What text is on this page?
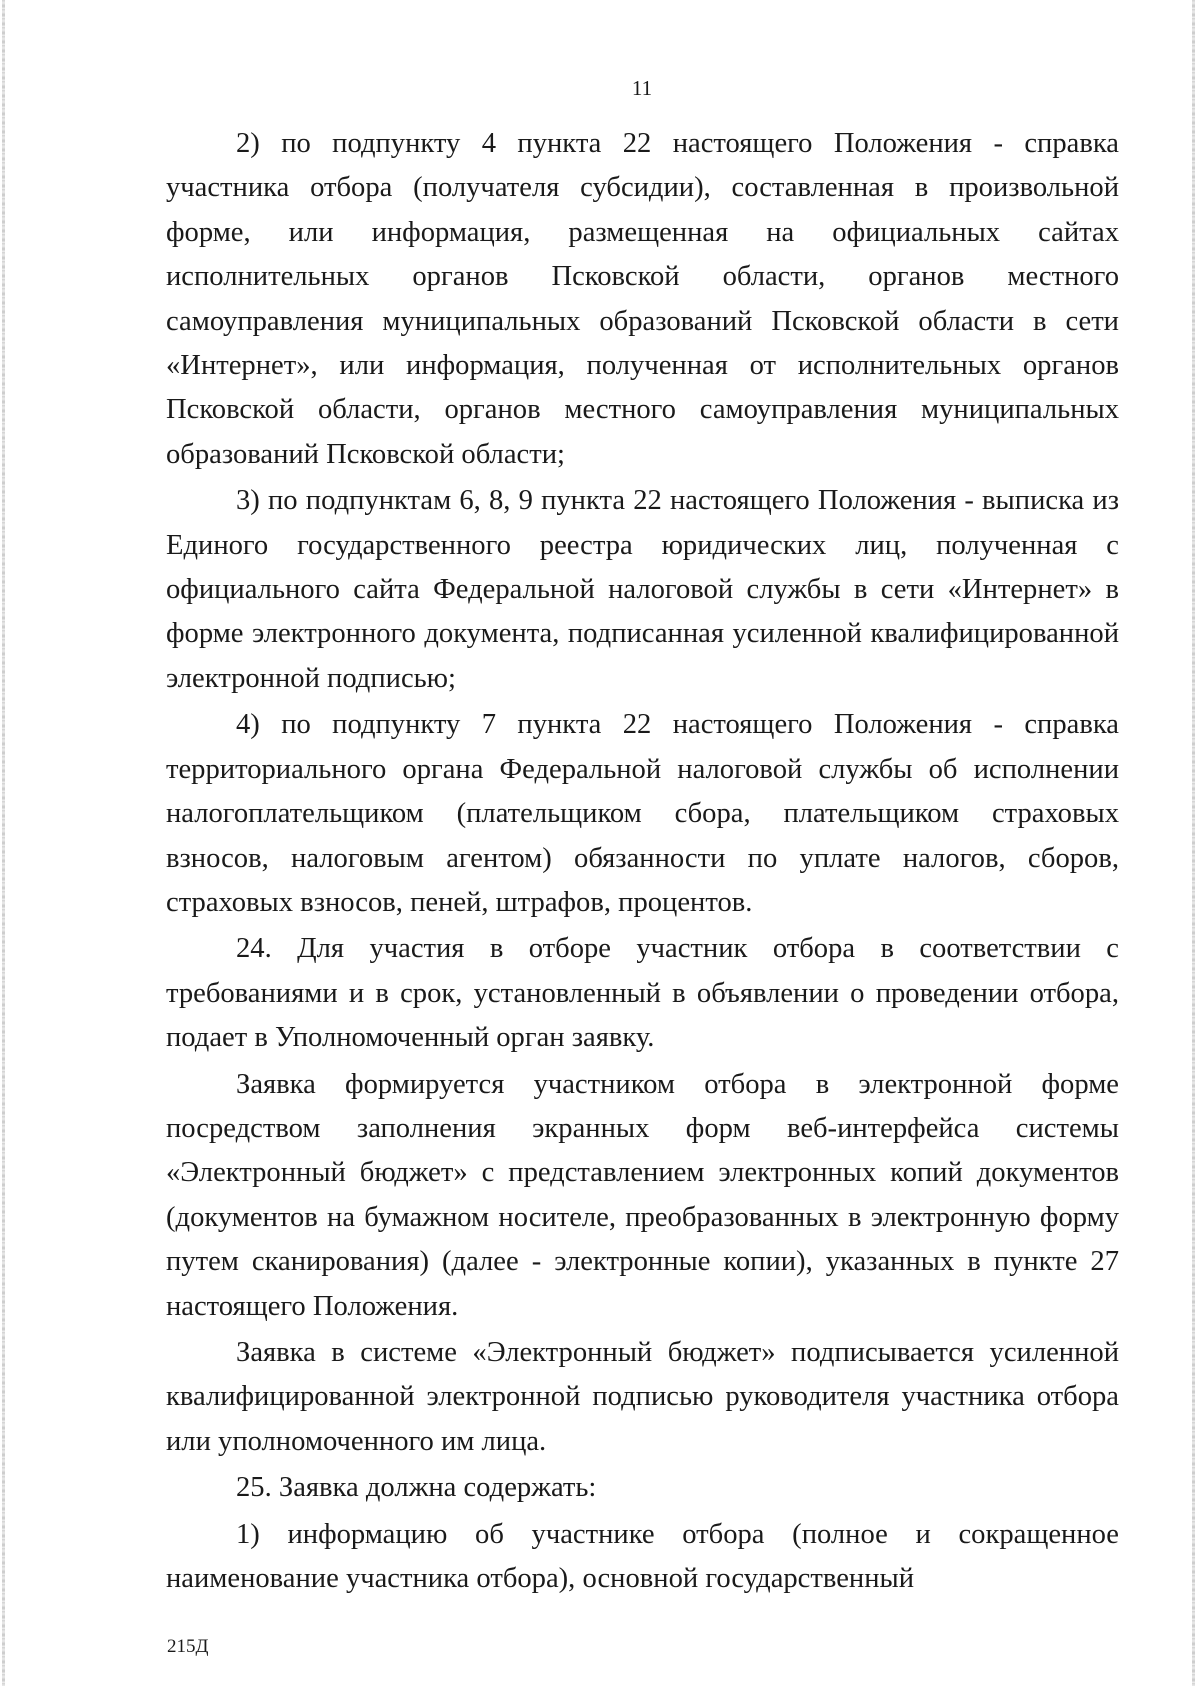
11

2) по подпункту 4 пункта 22 настоящего Положения - справка участника отбора (получателя субсидии), составленная в произвольной форме, или информация, размещенная на официальных сайтах исполнительных органов Псковской области, органов местного самоуправления муниципальных образований Псковской области в сети «Интернет», или информация, полученная от исполнительных органов Псковской области, органов местного самоуправления муниципальных образований Псковской области;

3) по подпунктам 6, 8, 9 пункта 22 настоящего Положения - выписка из Единого государственного реестра юридических лиц, полученная с официального сайта Федеральной налоговой службы в сети «Интернет» в форме электронного документа, подписанная усиленной квалифицированной электронной подписью;

4) по подпункту 7 пункта 22 настоящего Положения - справка территориального органа Федеральной налоговой службы об исполнении налогоплательщиком (плательщиком сбора, плательщиком страховых взносов, налоговым агентом) обязанности по уплате налогов, сборов, страховых взносов, пеней, штрафов, процентов.

24. Для участия в отборе участник отбора в соответствии с требованиями и в срок, установленный в объявлении о проведении отбора, подает в Уполномоченный орган заявку.

Заявка формируется участником отбора в электронной форме посредством заполнения экранных форм веб-интерфейса системы «Электронный бюджет» с представлением электронных копий документов (документов на бумажном носителе, преобразованных в электронную форму путем сканирования) (далее - электронные копии), указанных в пункте 27 настоящего Положения.

Заявка в системе «Электронный бюджет» подписывается усиленной квалифицированной электронной подписью руководителя участника отбора или уполномоченного им лица.

25. Заявка должна содержать:

1) информацию об участнике отбора (полное и сокращенное наименование участника отбора), основной государственный

215Д
